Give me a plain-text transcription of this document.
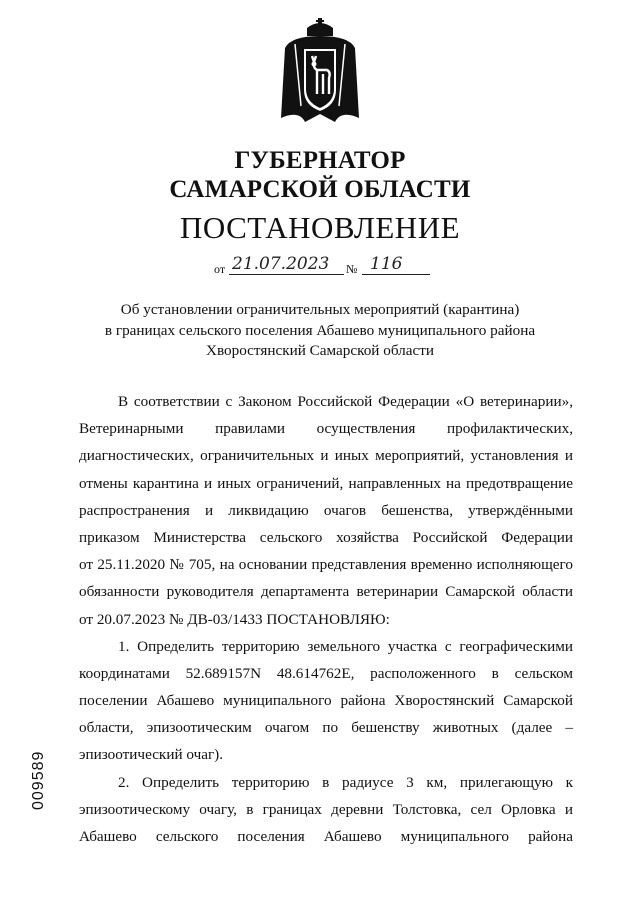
ГУБЕРНАТОР
САМАРСКОЙ ОБЛАСТИ
ПОСТАНОВЛЕНИЕ
от 21.07.2023 № 116
Об установлении ограничительных мероприятий (карантина)
в границах сельского поселения Абашево муниципального района
Хворостянский Самарской области
В соответствии с Законом Российской Федерации «О ветеринарии»,
Ветеринарными правилами осуществления профилактических,
диагностических, ограничительных и иных мероприятий, установления и
отмены карантина и иных ограничений, направленных на предотвращение
распространения и ликвидацию очагов бешенства, утверждёнными
приказом Министерства сельского хозяйства Российской Федерации
от 25.11.2020 № 705, на основании представления временно исполняющего
обязанности руководителя департамента ветеринарии Самарской области
от 20.07.2023 № ДВ-03/1433 ПОСТАНОВЛЯЮ:
1. Определить территорию земельного участка с географическими
координатами 52.689157N 48.614762E, расположенного в сельском
поселении Абашево муниципального района Хворостянский Самарской
области, эпизоотическим очагом по бешенству животных (далее –
эпизоотический очаг).
2. Определить территорию в радиусе 3 км, прилегающую к
эпизоотическому очагу, в границах деревни Толстовка, сел Орловка и
Абашево сельского поселения Абашево муниципального района
009589
